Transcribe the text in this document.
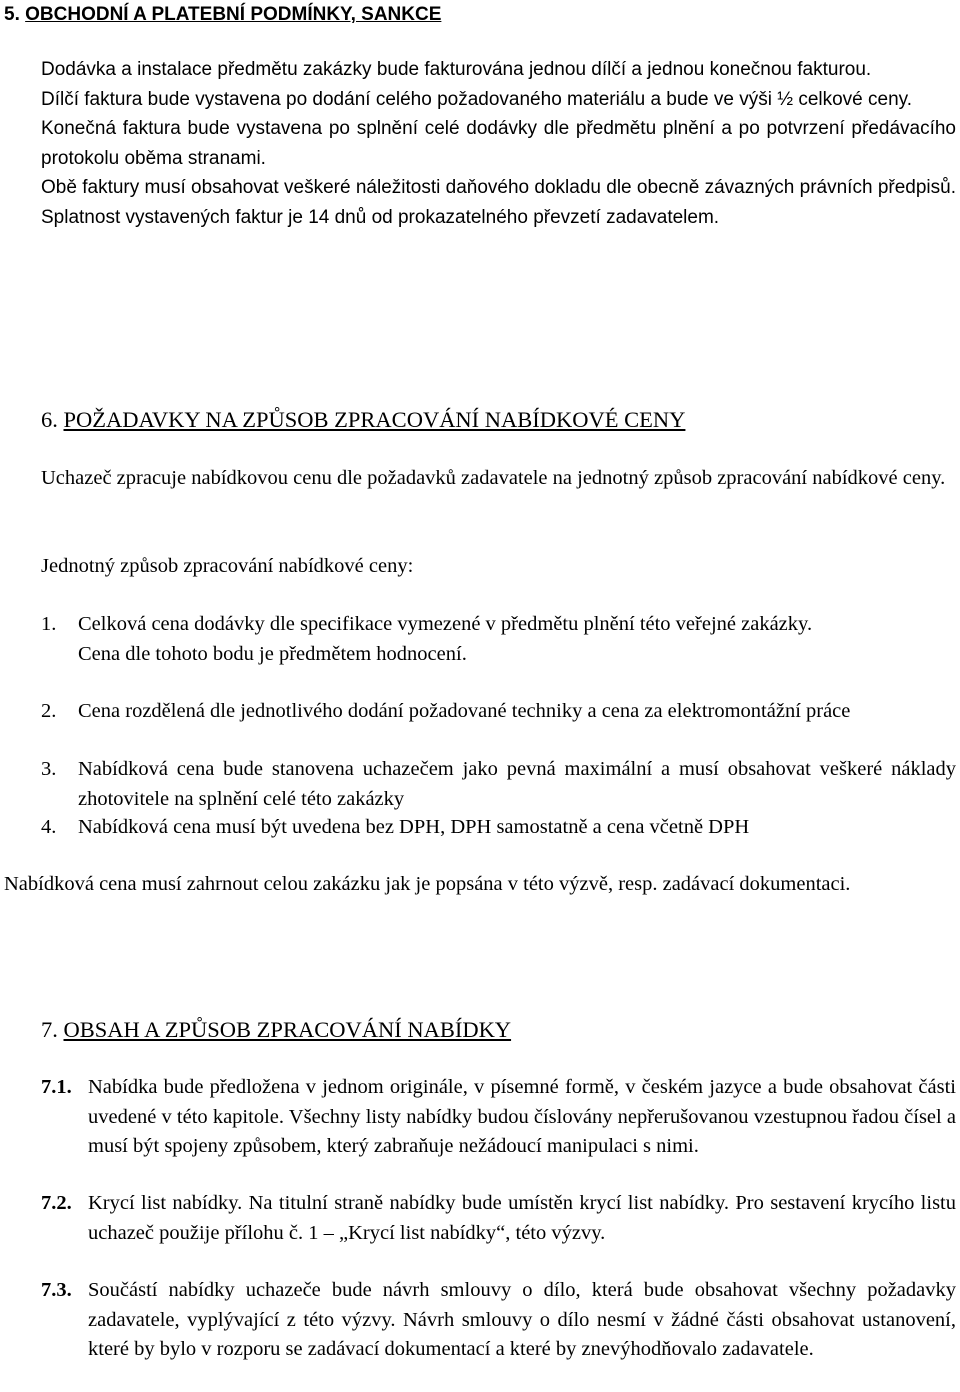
5. OBCHODNÍ A PLATEBNÍ PODMÍNKY, SANKCE

Dodávka a instalace předmětu zakázky bude fakturována jednou dílčí a jednou konečnou fakturou.

Dílčí faktura bude vystavena po dodání celého požadovaného materiálu a bude ve výši ½ celkové ceny.

Konečná faktura bude vystavena po splnění celé dodávky dle předmětu plnění a po potvrzení předávacího protokolu oběma stranami.

Obě faktury musí obsahovat veškeré náležitosti daňového dokladu dle obecně závazných právních předpisů. Splatnost vystavených faktur je 14 dnů od prokazatelného převzetí zadavatelem.

6. POŽADAVKY NA ZPŮSOB ZPRACOVÁNÍ NABÍDKOVÉ CENY

Uchazeč zpracuje nabídkovou cenu dle požadavků zadavatele na jednotný způsob zpracování nabídkové ceny.

Jednotný způsob zpracování nabídkové ceny:

1. Celková cena dodávky dle specifikace vymezené v předmětu plnění této veřejné zakázky.
Cena dle tohoto bodu je předmětem hodnocení.
2. Cena rozdělená dle jednotlivého dodání požadované techniky a cena za elektromontážní práce
3. Nabídková cena bude stanovena uchazečem jako pevná maximální a musí obsahovat veškeré náklady zhotovitele na splnění celé této zakázky
4. Nabídková cena musí být uvedena bez DPH, DPH samostatně a cena včetně DPH

Nabídková cena musí zahrnout celou zakázku jak je popsána v této výzvě, resp. zadávací dokumentaci.

7. OBSAH A ZPŮSOB ZPRACOVÁNÍ NABÍDKY
7.1. Nabídka bude předložena v jednom originále, v písemné formě, v českém jazyce a bude obsahovat části uvedené v této kapitole. Všechny listy nabídky budou číslovány nepřerušovanou vzestupnou řadou čísel a musí být spojeny způsobem, který zabraňuje nežádoucí manipulaci s nimi.
7.2. Krycí list nabídky. Na titulní straně nabídky bude umístěn krycí list nabídky. Pro sestavení krycího listu uchazeč použije přílohu č. 1 – „Krycí list nabídky“, této výzvy.
7.3. Součástí nabídky uchazeče bude návrh smlouvy o dílo, která bude obsahovat všechny požadavky zadavatele, vyplývající z této výzvy. Návrh smlouvy o dílo nesmí v žádné části obsahovat ustanovení, které by bylo v rozporu se zadávací dokumentací a které by znevýhodňovalo zadavatele.
